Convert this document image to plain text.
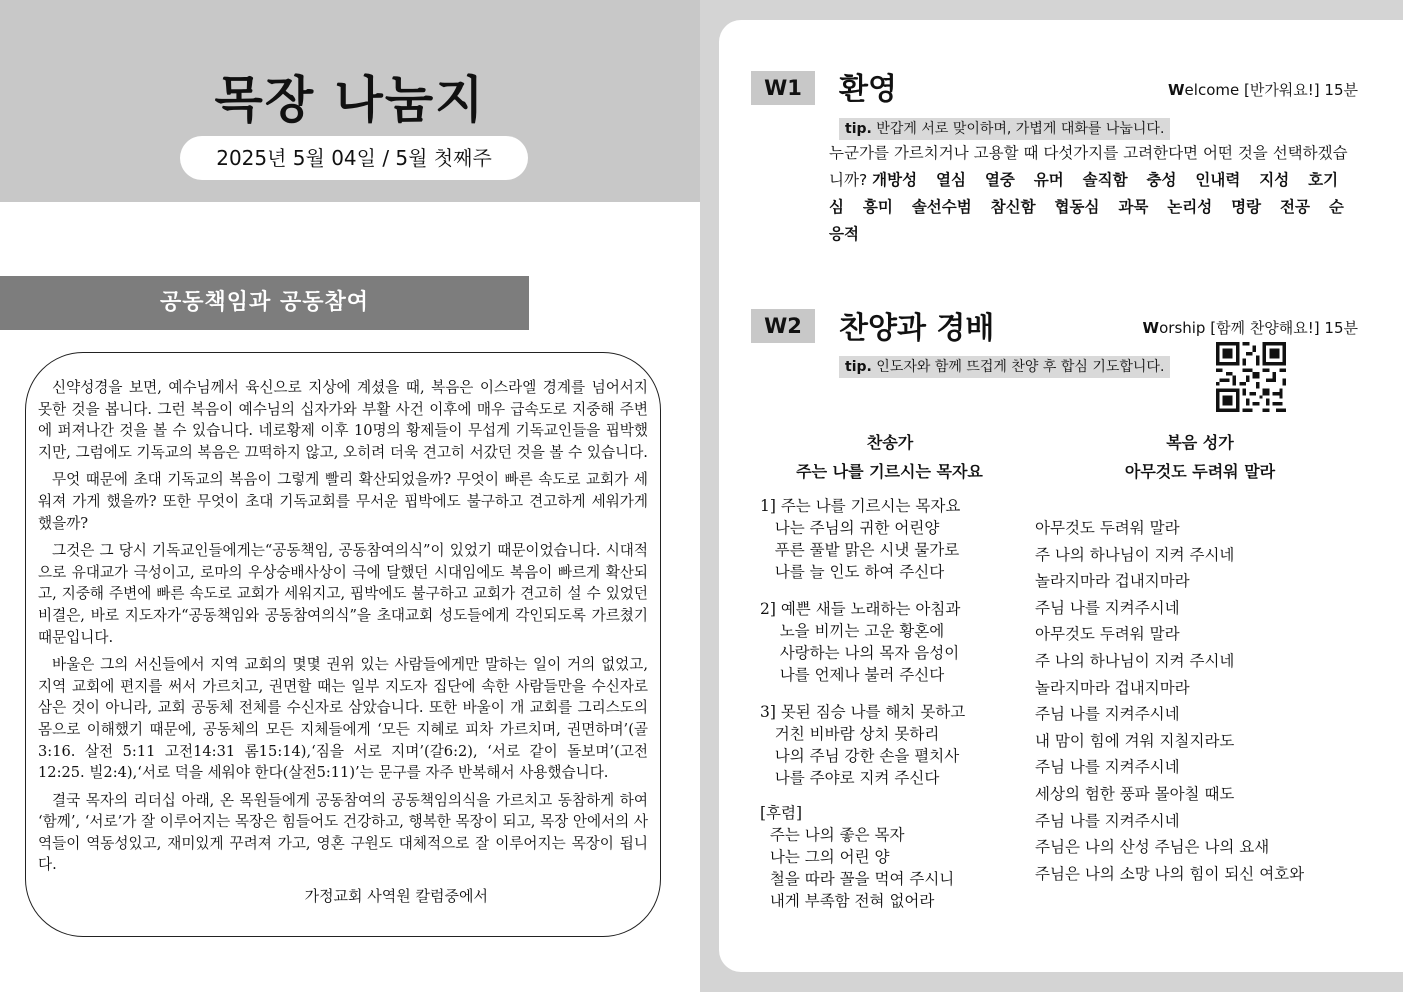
목장 나눔지
2025년 5월 04일 / 5월 첫째주
공동책임과 공동참여

신약성경을 보면, 예수님께서 육신으로 지상에 계셨을 때, 복음은 이스라엘 경계를 넘어서지 못한 것을 봅니다. 그런 복음이 예수님의 십자가와 부활 사건 이후에 매우 급속도로 지중해 주변에 퍼져나간 것을 볼 수 있습니다. 네로황제 이후 10명의 황제들이 무섭게 기독교인들을 핍박했지만, 그럼에도 기독교의 복음은 끄떡하지 않고, 오히려 더욱 견고히 서갔던 것을 볼 수 있습니다.

무엇 때문에 초대 기독교의 복음이 그렇게 빨리 확산되었을까? 무엇이 빠른 속도로 교회가 세워져 가게 했을까? 또한 무엇이 초대 기독교회를 무서운 핍박에도 불구하고 견고하게 세워가게 했을까?

그것은 그 당시 기독교인들에게는“공동책임, 공동참여의식”이 있었기 때문이었습니다. 시대적으로 유대교가 극성이고, 로마의 우상숭배사상이 극에 달했던 시대임에도 복음이 빠르게 확산되고, 지중해 주변에 빠른 속도로 교회가 세워지고, 핍박에도 불구하고 교회가 견고히 설 수 있었던 비결은, 바로 지도자가“공동책임와 공동참여의식”을 초대교회 성도들에게 각인되도록 가르쳤기 때문입니다.

바울은 그의 서신들에서 지역 교회의 몇몇 권위 있는 사람들에게만 말하는 일이 거의 없었고, 지역 교회에 편지를 써서 가르치고, 권면할 때는 일부 지도자 집단에 속한 사람들만을 수신자로 삼은 것이 아니라, 교회 공동체 전체를 수신자로 삼았습니다. 또한 바울이 개 교회를 그리스도의 몸으로 이해했기 때문에, 공동체의 모든 지체들에게 ‘모든 지혜로 피차 가르치며, 권면하며’(골3:16. 살전 5:11 고전14:31 롬15:14),‘짐을 서로 지며’(갈6:2), ‘서로 같이 돌보며’(고전12:25. 빌2:4),‘서로 덕을 세워야 한다(살전5:11)’는 문구를 자주 반복해서 사용했습니다.

결국 목자의 리더십 아래, 온 목원들에게 공동참여의 공동책임의식을 가르치고 동참하게 하여 ‘함께’, ‘서로’가 잘 이루어지는 목장은 힘들어도 건강하고, 행복한 목장이 되고, 목장 안에서의 사역들이 역동성있고, 재미있게 꾸려져 가고, 영혼 구원도 대체적으로 잘 이루어지는 목장이 됩니다.

가정교회 사역원 칼럼중에서

W1	환영	Welcome [반가워요!] 15분
tip. 반갑게 서로 맞이하며, 가볍게 대화를 나눕니다.
누군가를 가르치거나 고용할 때 다섯가지를 고려한다면 어떤 것을 선택하겠습니까? 개방성 열심 열중 유머 솔직함 충성 인내력 지성 호기심 흥미 솔선수범 참신함 협동심 과묵 논리성 명랑 전공 순응적
W2	찬양과 경배	Worship [함께 찬양해요!] 15분
tip. 인도자와 함께 뜨겁게 찬양 후 합심 기도합니다.
찬송가
주는 나를 기르시는 목자요
복음 성가
아무것도 두려워 말라
1] 주는 나를 기르시는 목자요
나는 주님의 귀한 어린양
푸른 풀밭 맑은 시냇 물가로
나를 늘 인도 하여 주신다
2] 예쁜 새들 노래하는 아침과
노을 비끼는 고운 황혼에
사랑하는 나의 목자 음성이
나를 언제나 불러 주신다
3] 못된 짐승 나를 해치 못하고
거친 비바람 상치 못하리
나의 주님 강한 손을 펼치사
나를 주야로 지켜 주신다
[후렴]
주는 나의 좋은 목자
나는 그의 어린 양
철을 따라 꼴을 먹여 주시니
내게 부족함 전혀 없어라
아무것도 두려워 말라
주 나의 하나님이 지켜 주시네
놀라지마라 겁내지마라
주님 나를 지켜주시네
아무것도 두려워 말라
주 나의 하나님이 지켜 주시네
놀라지마라 겁내지마라
주님 나를 지켜주시네
내 맘이 힘에 겨워 지칠지라도
주님 나를 지켜주시네
세상의 험한 풍파 몰아칠 때도
주님 나를 지켜주시네
주님은 나의 산성 주님은 나의 요새
주님은 나의 소망 나의 힘이 되신 여호와
